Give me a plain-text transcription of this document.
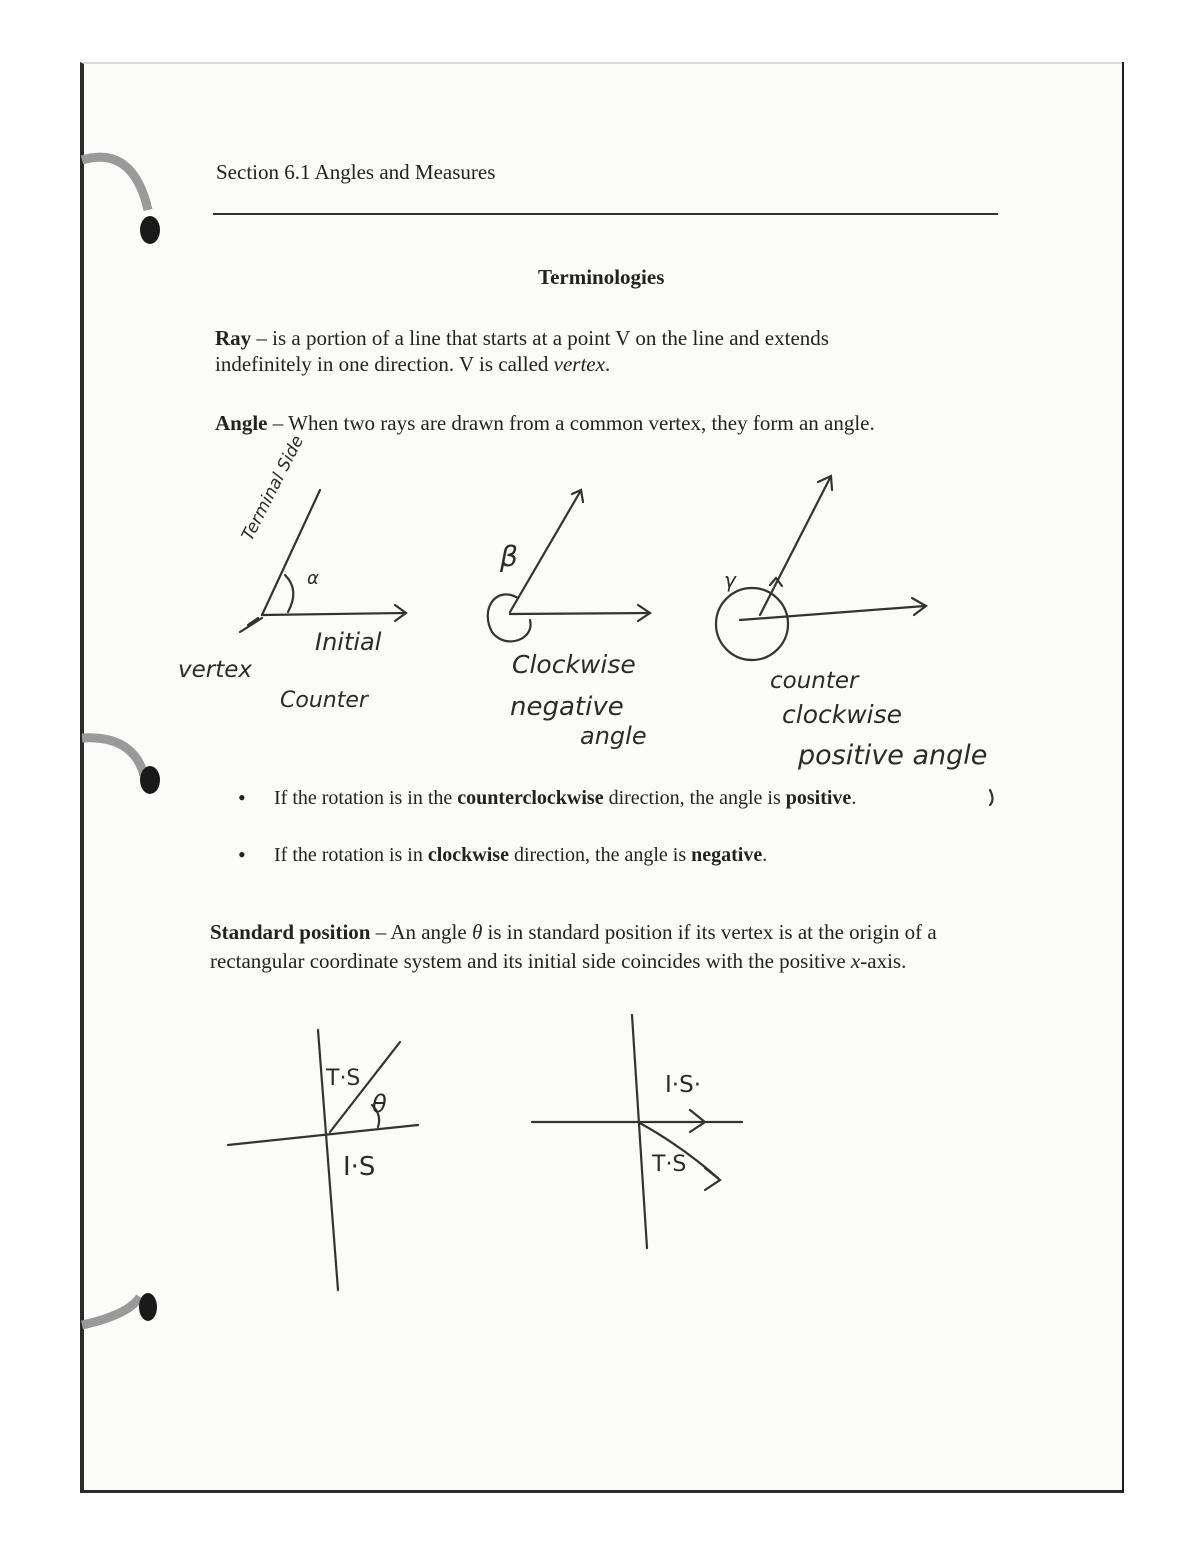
Section 6.1 Angles and Measures
Terminologies
Ray – is a portion of a line that starts at a point V on the line and extends indefinitely in one direction. V is called vertex.
Angle – When two rays are drawn from a common vertex, they form an angle.
Terminal Side
α
Initial
vertex
Counter
β
Clockwise
negative
angle
γ
counter
clockwise
positive angle
• If the rotation is in the counterclockwise direction, the angle is positive.
• If the rotation is in clockwise direction, the angle is negative.
Standard position – An angle θ is in standard position if its vertex is at the origin of a rectangular coordinate system and its initial side coincides with the positive x-axis.
T·S
θ
I·S
I·S·
T·S
